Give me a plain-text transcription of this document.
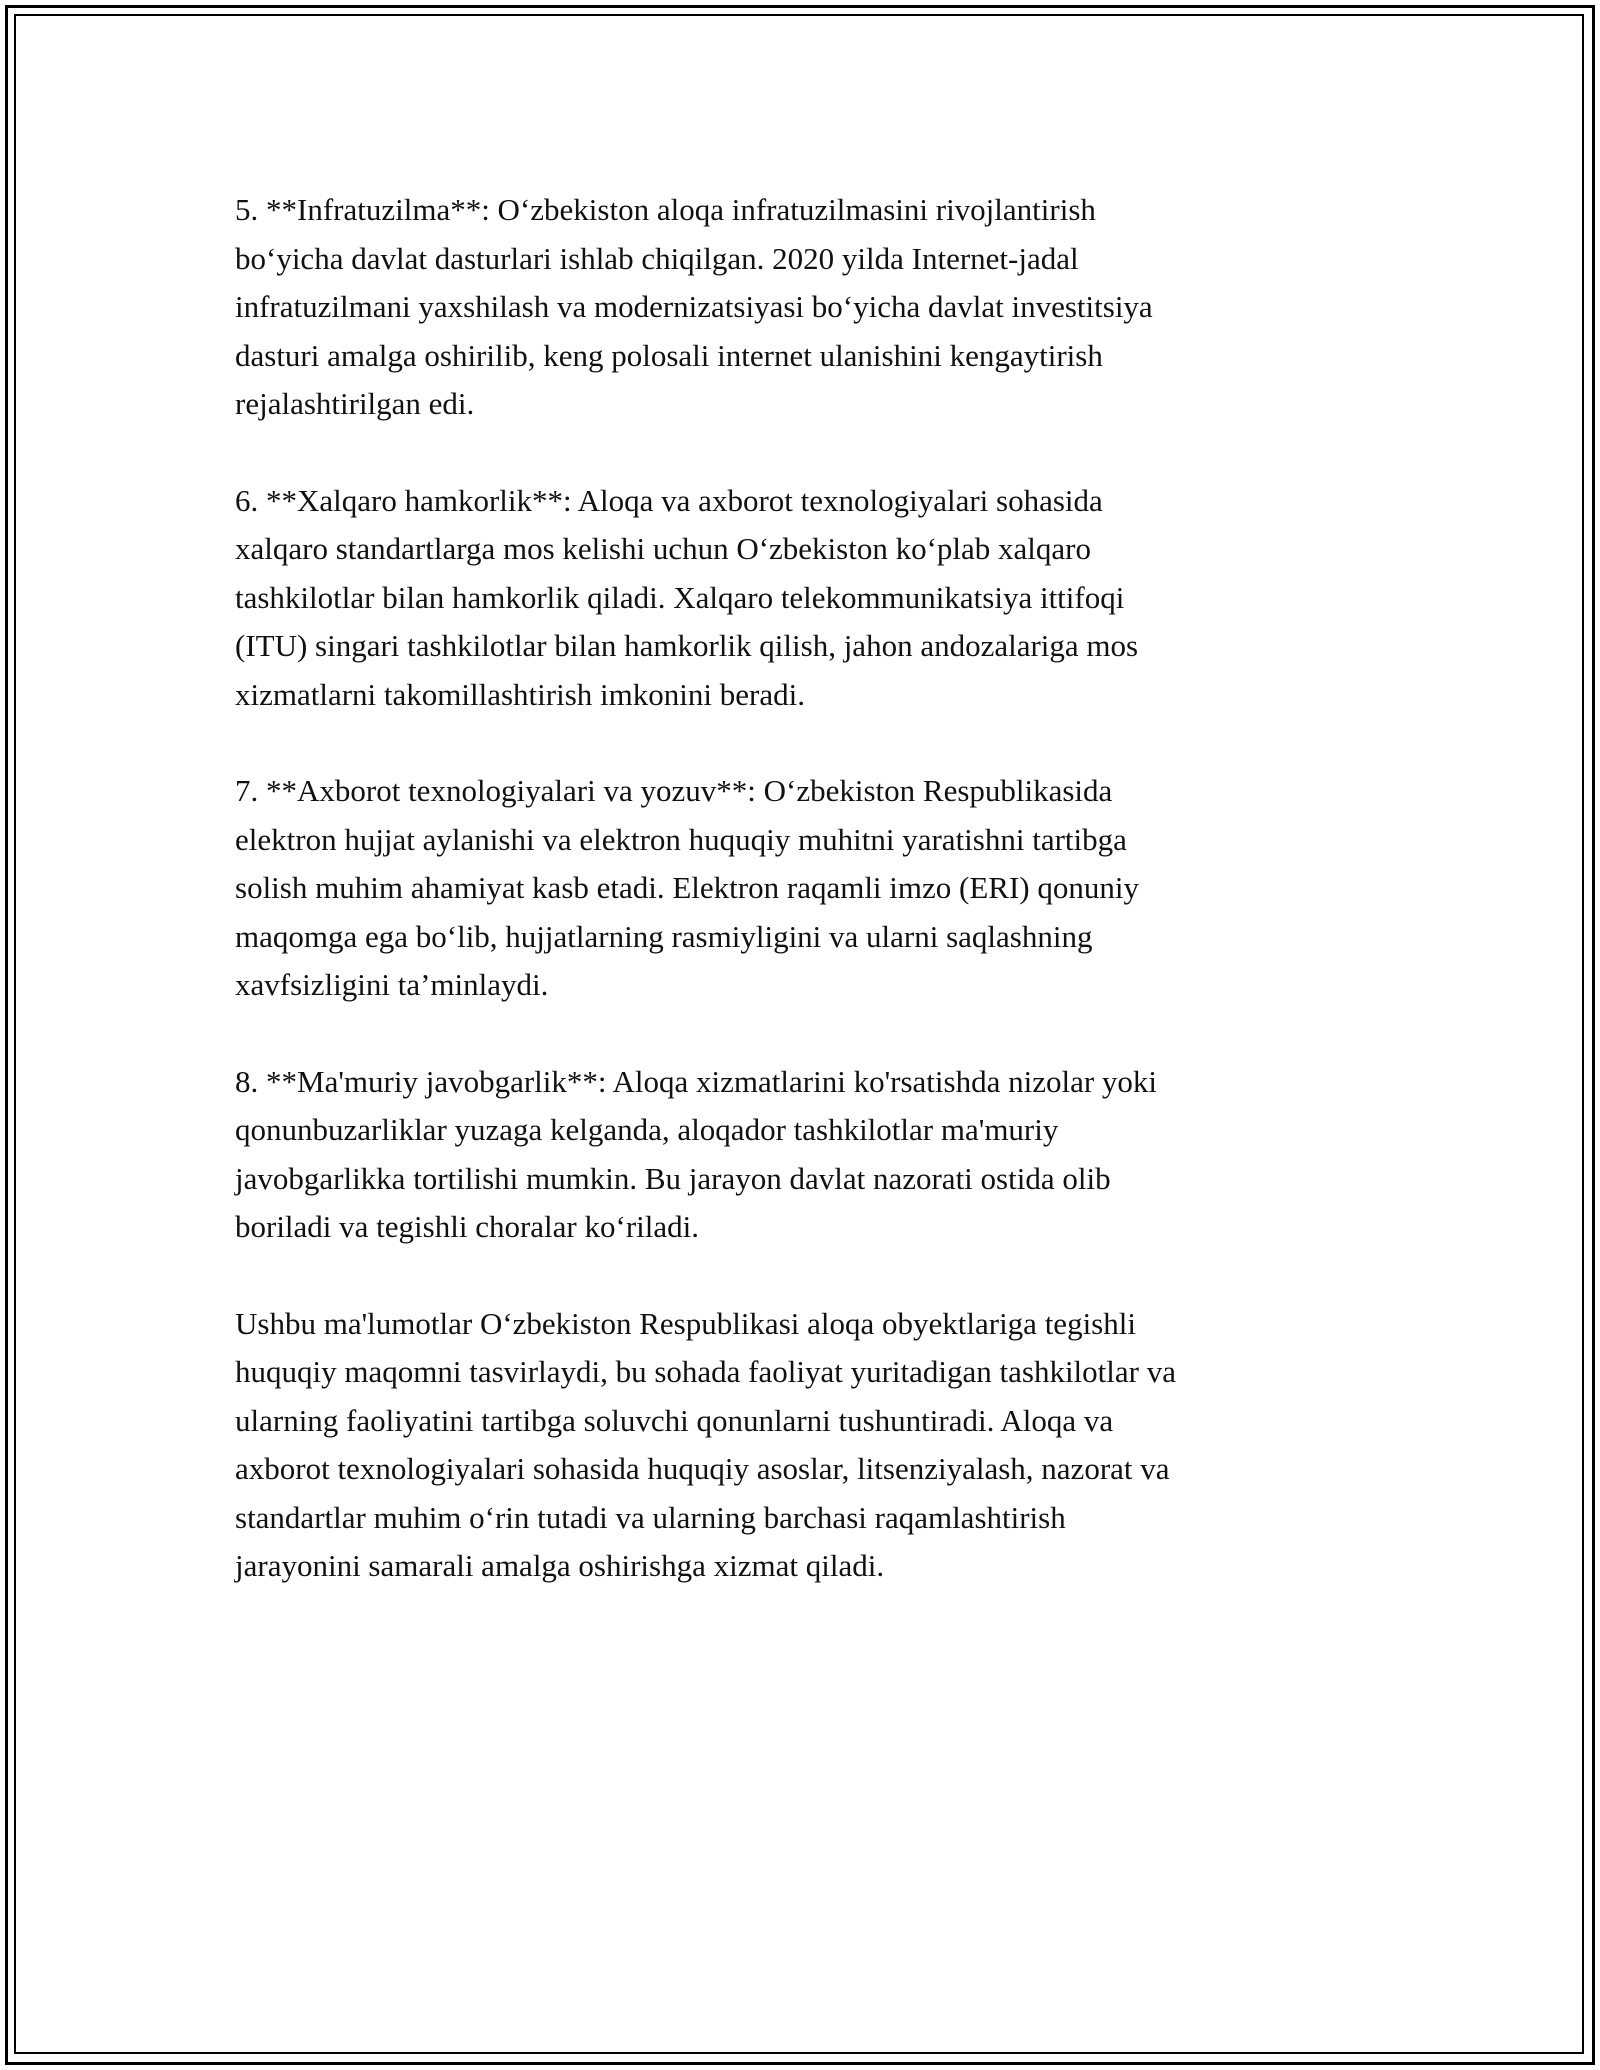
5. **Infratuzilma**: O‘zbekiston aloqa infratuzilmasini rivojlantirish
bo‘yicha davlat dasturlari ishlab chiqilgan. 2020 yilda Internet-jadal
infratuzilmani yaxshilash va modernizatsiyasi bo‘yicha davlat investitsiya
dasturi amalga oshirilib, keng polosali internet ulanishini kengaytirish
rejalashtirilgan edi.

6. **Xalqaro hamkorlik**: Aloqa va axborot texnologiyalari sohasida
xalqaro standartlarga mos kelishi uchun O‘zbekiston ko‘plab xalqaro
tashkilotlar bilan hamkorlik qiladi. Xalqaro telekommunikatsiya ittifoqi
(ITU) singari tashkilotlar bilan hamkorlik qilish, jahon andozalariga mos
xizmatlarni takomillashtirish imkonini beradi.

7. **Axborot texnologiyalari va yozuv**: O‘zbekiston Respublikasida
elektron hujjat aylanishi va elektron huquqiy muhitni yaratishni tartibga
solish muhim ahamiyat kasb etadi. Elektron raqamli imzo (ERI) qonuniy
maqomga ega bo‘lib, hujjatlarning rasmiyligini va ularni saqlashning
xavfsizligini ta’minlaydi.

8. **Ma'muriy javobgarlik**: Aloqa xizmatlarini ko'rsatishda nizolar yoki
qonunbuzarliklar yuzaga kelganda, aloqador tashkilotlar ma'muriy
javobgarlikka tortilishi mumkin. Bu jarayon davlat nazorati ostida olib
boriladi va tegishli choralar ko‘riladi.

Ushbu ma'lumotlar O‘zbekiston Respublikasi aloqa obyektlariga tegishli
huquqiy maqomni tasvirlaydi, bu sohada faoliyat yuritadigan tashkilotlar va
ularning faoliyatini tartibga soluvchi qonunlarni tushuntiradi. Aloqa va
axborot texnologiyalari sohasida huquqiy asoslar, litsenziyalash, nazorat va
standartlar muhim o‘rin tutadi va ularning barchasi raqamlashtirish
jarayonini samarali amalga oshirishga xizmat qiladi.
